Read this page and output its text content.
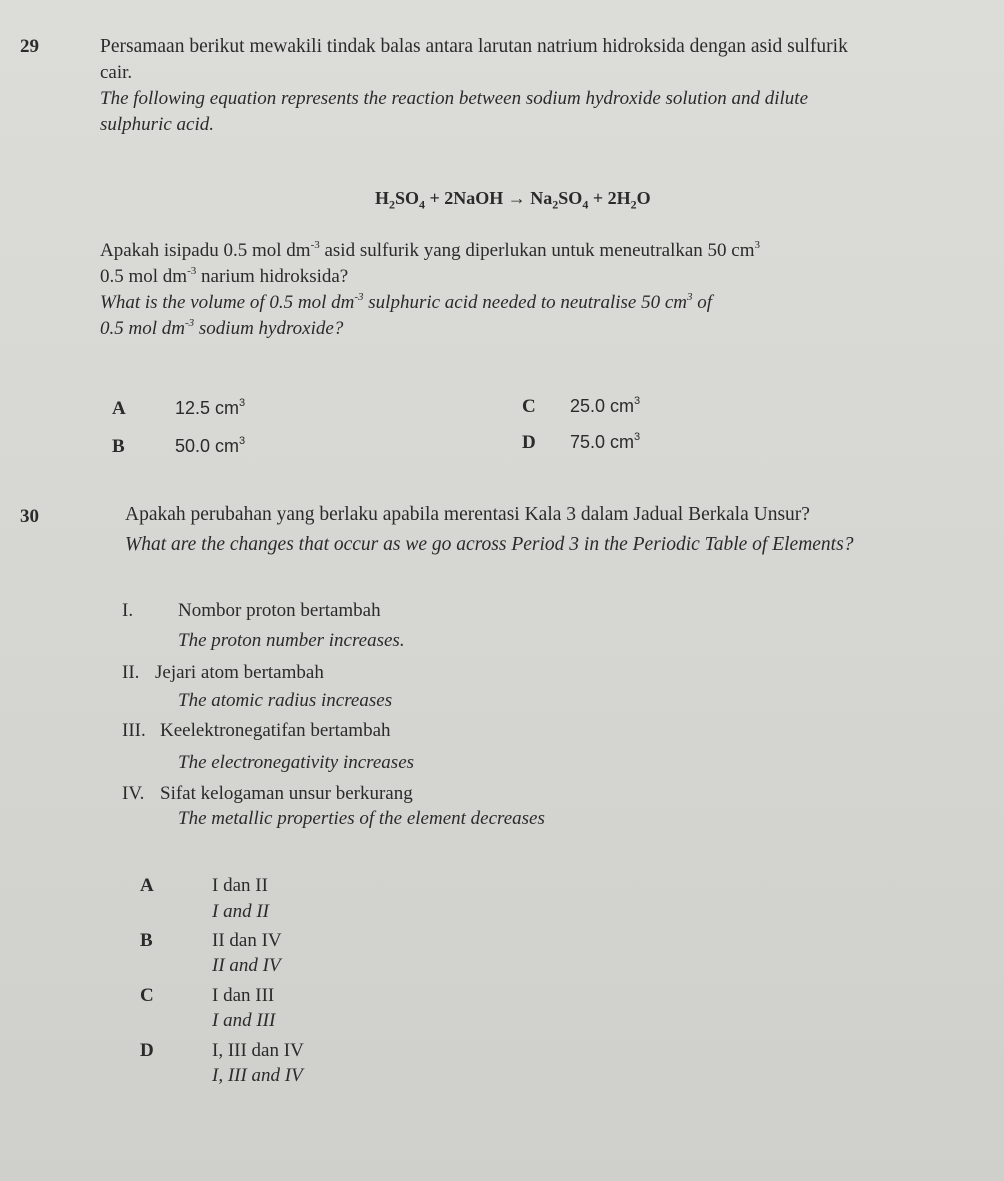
29	Persamaan berikut mewakili tindak balas antara larutan natrium hidroksida dengan asid sulfurik
cair.
The following equation represents the reaction between sodium hydroxide solution and dilute
sulphuric acid.
$H_2SO_4$ + 2NaOH → $Na_2SO_4 + 2H_2O$
Apakah isipadu 0.5 mol $dm^{-3}$ asid sulfurik yang diperlukan untuk meneutralkan 50 $cm^3$
0.5 mol $dm^{-3}$ narium hidroksida?
What is the volume of 0.5 mol $dm^{-3}$ sulphuric acid needed to neutralise 50 $cm^3$ of
0.5 mol $dm^{-3}$ sodium hydroxide?
A	12.5 $cm^3$
B	50.0 $cm^3$
C 25.0 $cm^3$
D 75.0 $cm^3$
30	Apakah perubahan yang berlaku apabila merentasi Kala 3 dalam Jadual Berkala Unsur?
What are the changes that occur as we go across Period 3 in the Periodic Table of Elements?
I. Nombor proton bertambah
The proton number increases.
II. Jejari atom bertambah
The atomic radius increases
III. Keelektronegatifan bertambah
The electronegativity increases
IV. Sifat kelogaman unsur berkurang
The metallic properties of the element decreases
A	I dan II
I and II
B	II dan IV
II and IV
C	I dan III
I and III
D	I, III dan IV
I, III and IV
